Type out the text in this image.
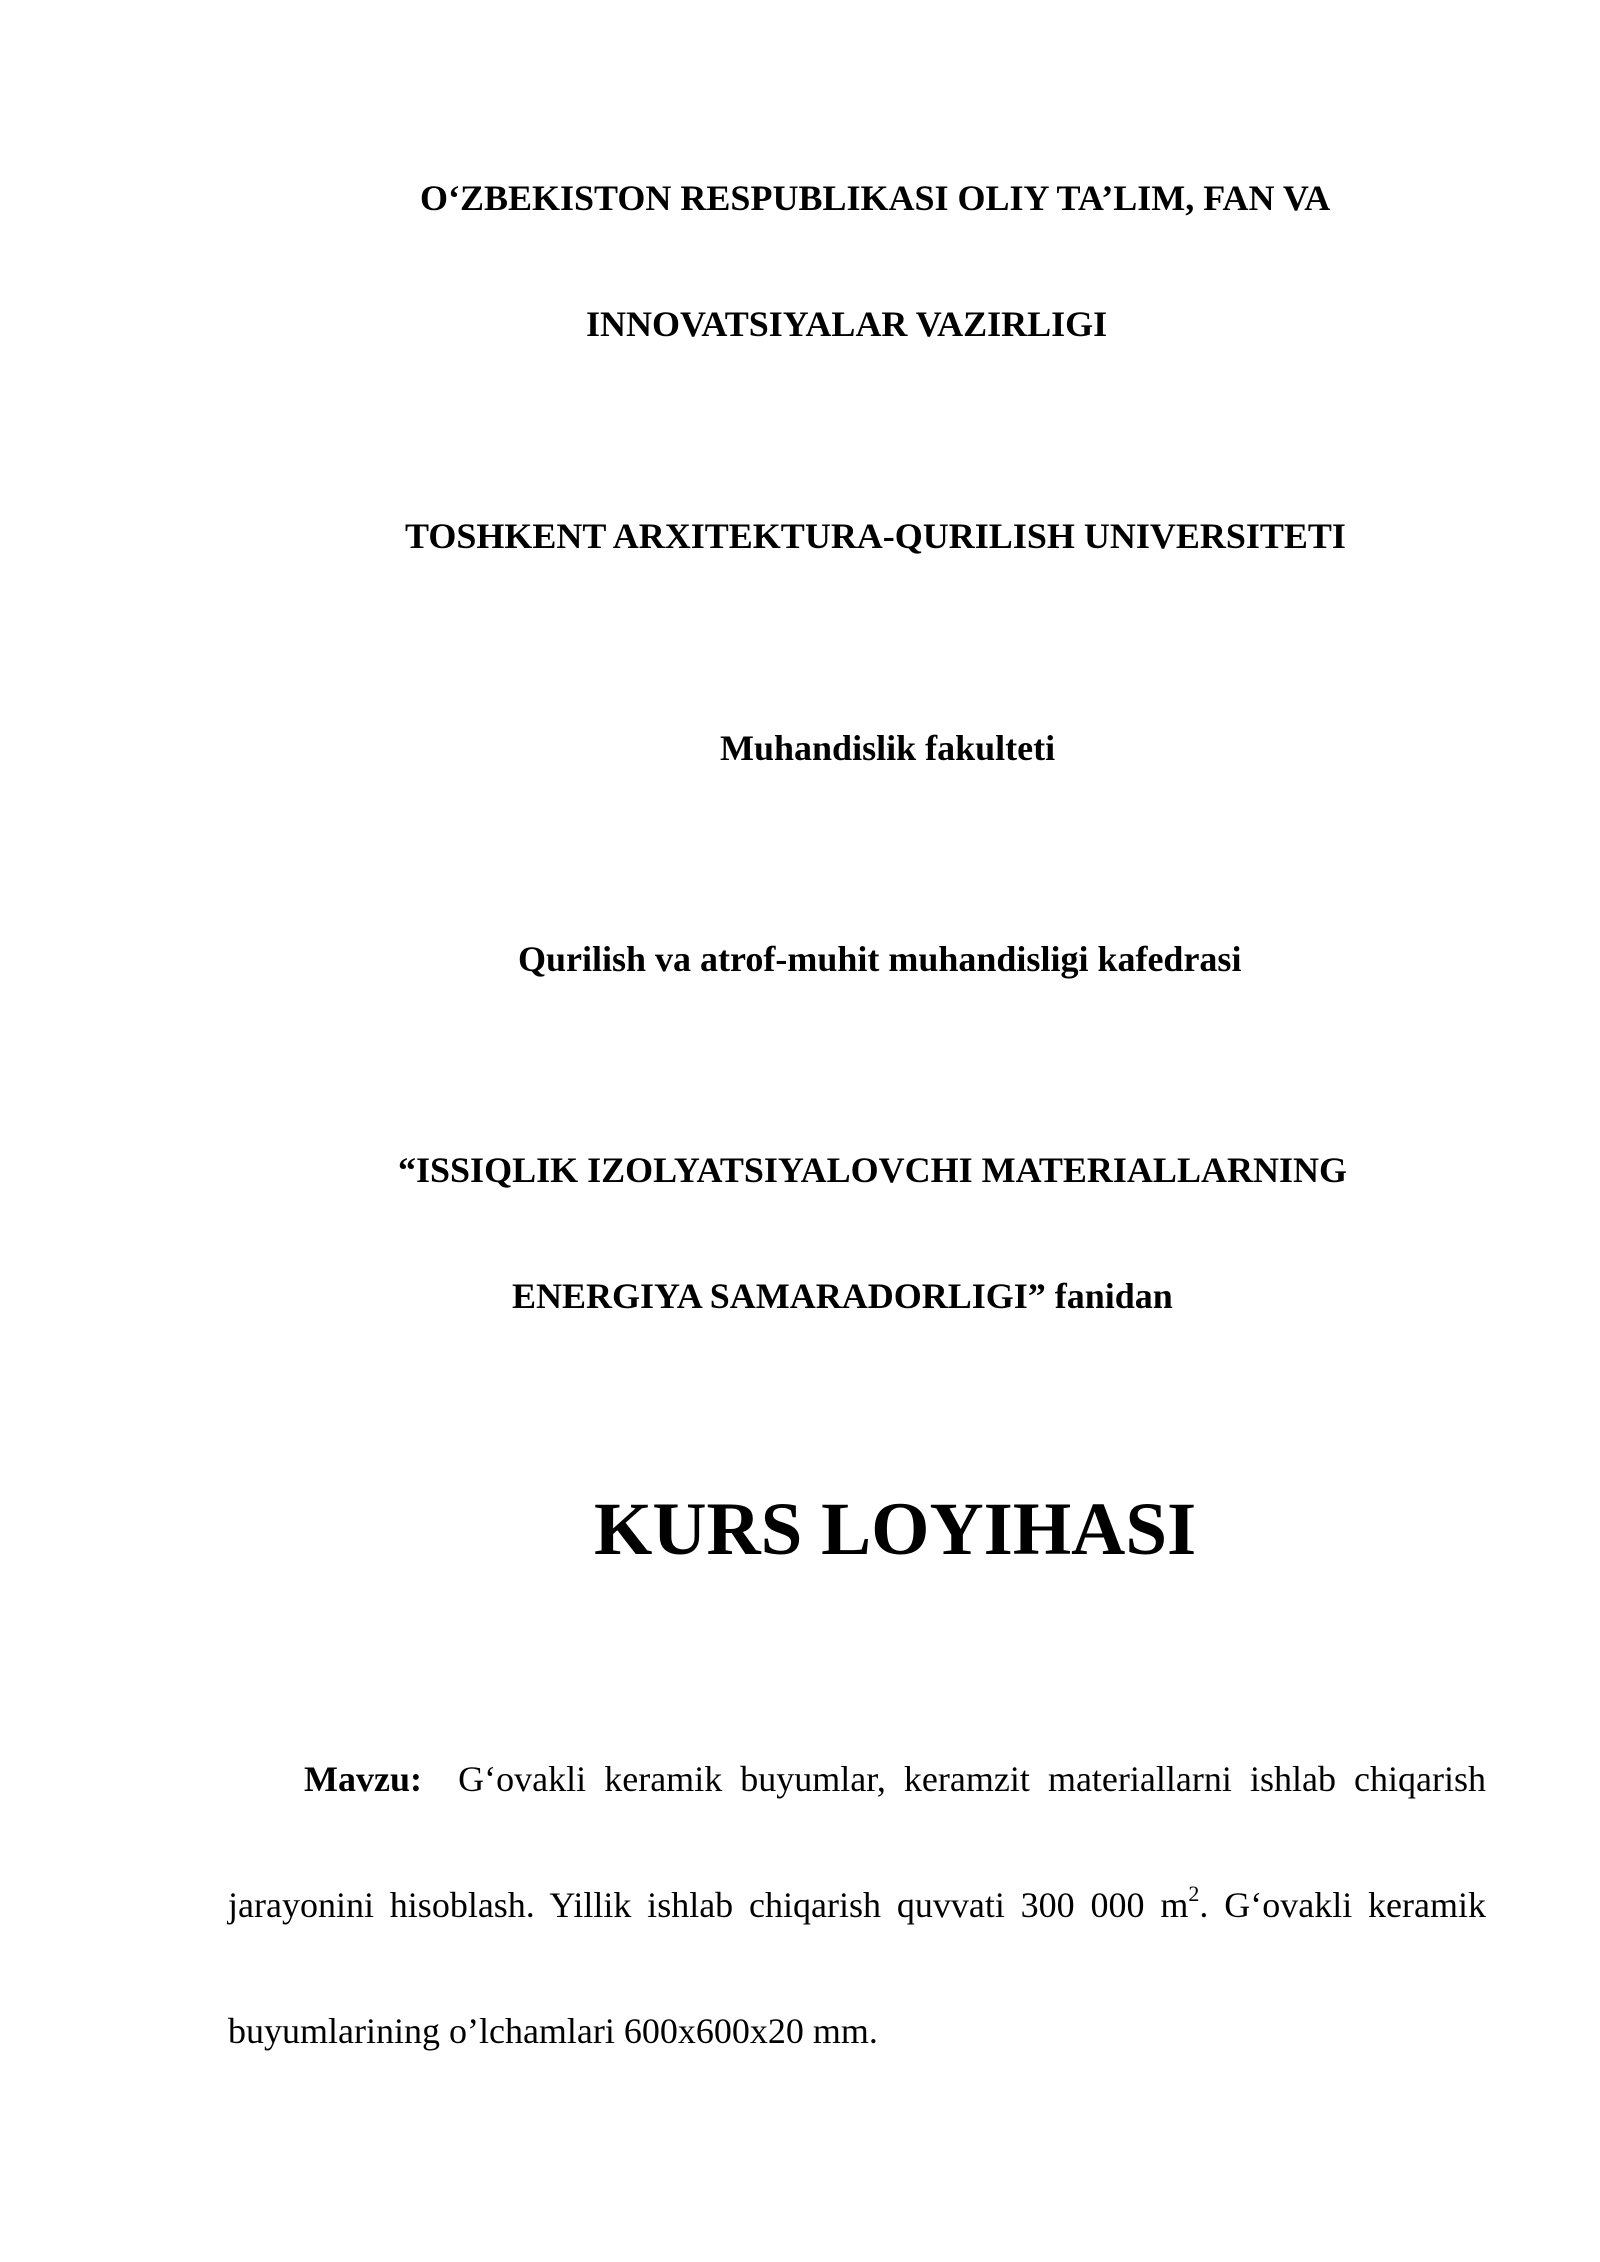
O‘ZBEKISTON RESPUBLIKASI OLIY TA’LIM, FAN VA
INNOVATSIYALAR VAZIRLIGI
TOSHKENT ARXITEKTURA-QURILISH UNIVERSITETI
Muhandislik fakulteti
Qurilish va atrof-muhit muhandisligi kafedrasi
“ISSIQLIK IZOLYATSIYALOVCHI MATERIALLARNING
ENERGIYA SAMARADORLIGI” fanidan
KURS LOYIHASI
Mavzu: G‘ovakli keramik buyumlar, keramzit materiallarni ishlab chiqarish jarayonini hisoblash. Yillik ishlab chiqarish quvvati 300 000 $m^2$. G‘ovakli keramik buyumlarining o’lchamlari 600x600x20 mm.
